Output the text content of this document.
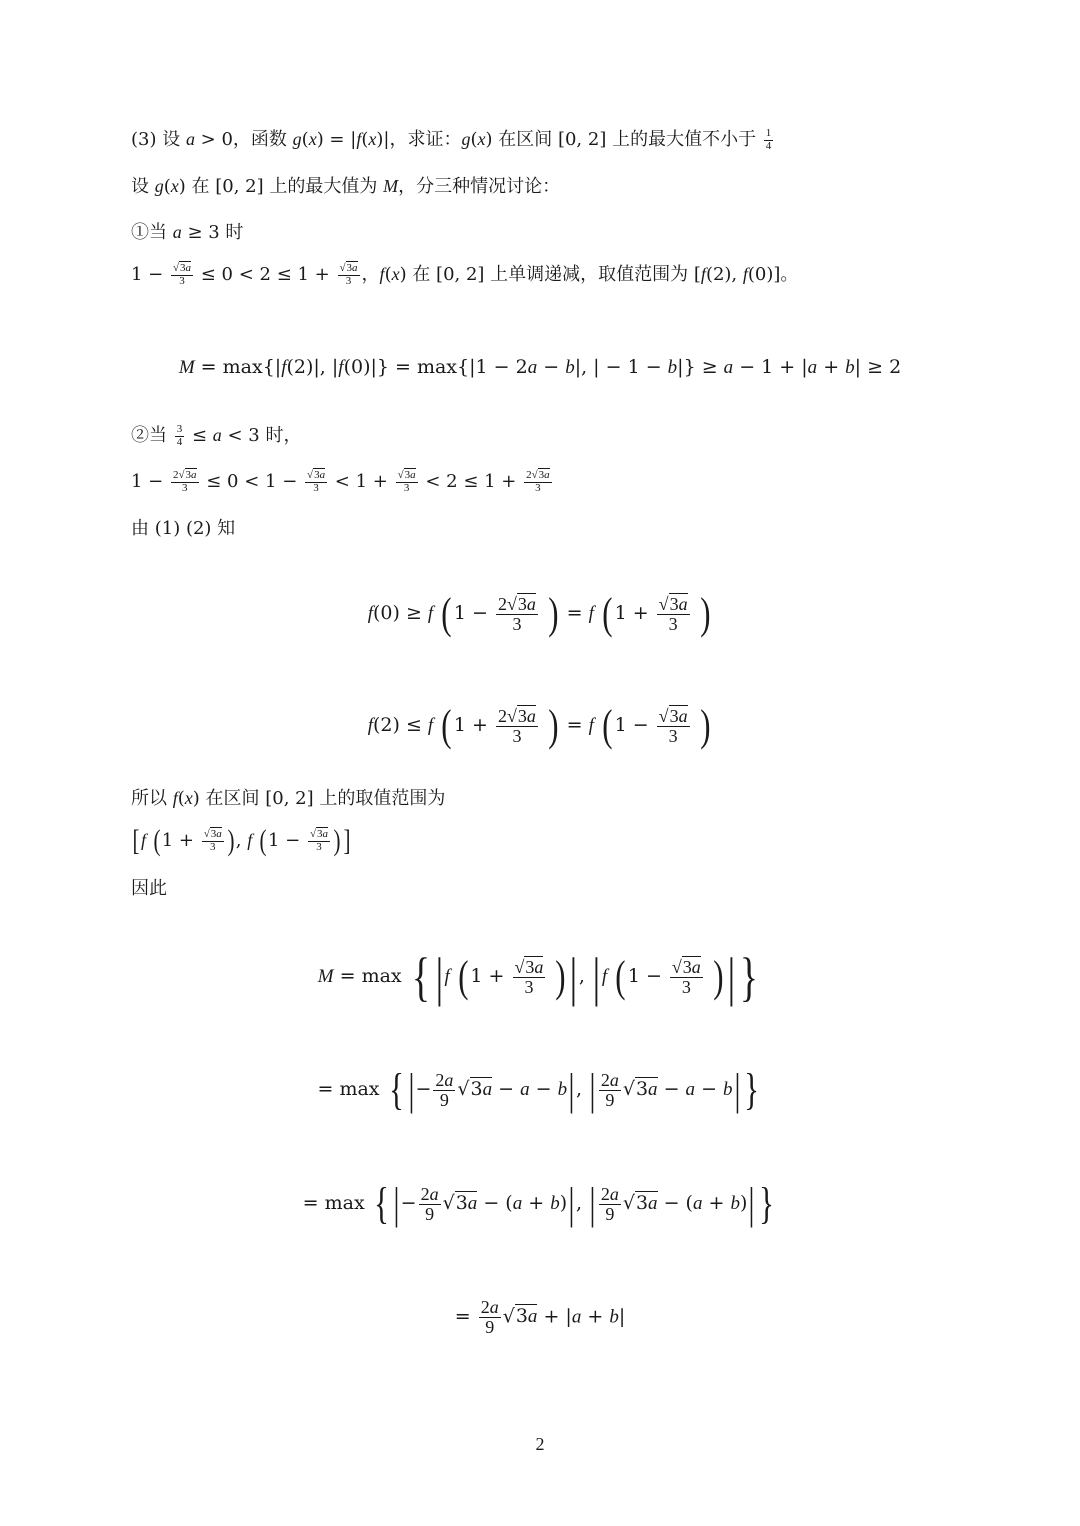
(3) 设 a > 0，函数 g(x) = |f(x)|，求证：g(x) 在区间 [0, 2] 上的最大值不小于 $\frac{1}{4}$
设 g(x) 在 [0, 2] 上的最大值为 M，分三种情况讨论：
①当 a ≥ 3 时
$1 - \frac{√3a}{3} \le 0 < 2 \le 1 + \frac{√3a}{3}$ ，f(x) 在 [0, 2] 上单调递减，取值范围为 [f(2), f(0)]。
M = max{|f(2)|, |f(0)|} = max{|1 − 2a − b|, | − 1 − b|} ≥ a − 1 + |a + b| ≥ 2
②当 $\frac{3}{4} \le a < 3$ 时，
$1 - \frac{2√3a}{3} \le 0 < 1 - \frac{√3a}{3} < 1 + \frac{√3a}{3} < 2 \le 1 + \frac{2√3a}{3}$
由 (1) (2) 知
f(0) ≥ f ( $1 - \frac{2√3a}{3}$ ) = f ( $1 + \frac{√3a}{3}$ )
f(2) ≤ f ( $1 + \frac{2√3a}{3}$ ) = f ( $1 - \frac{√3a}{3}$ )
所以 f(x) 在区间 [0, 2] 上的取值范围为
[f ($1 + \frac{√3a}{3}$ ), f ($1 - \frac{√3a}{3}$ ) ]
因此
M = max { |f ( $1 + \frac{√3a}{3}$ )|, |f ( $1 - \frac{√3a}{3}$ )| }
= max { |− $\frac{2a}{9} √3a - a - b|$, | $\frac{2a}{9} √3a - a - b|$ }
= max { |− $\frac{2a}{9} √3a - (a + b)|$, | $\frac{2a}{9} √3a - (a + b)|$ }
= $\frac{2a}{9} √3a + |a + b|$
2
